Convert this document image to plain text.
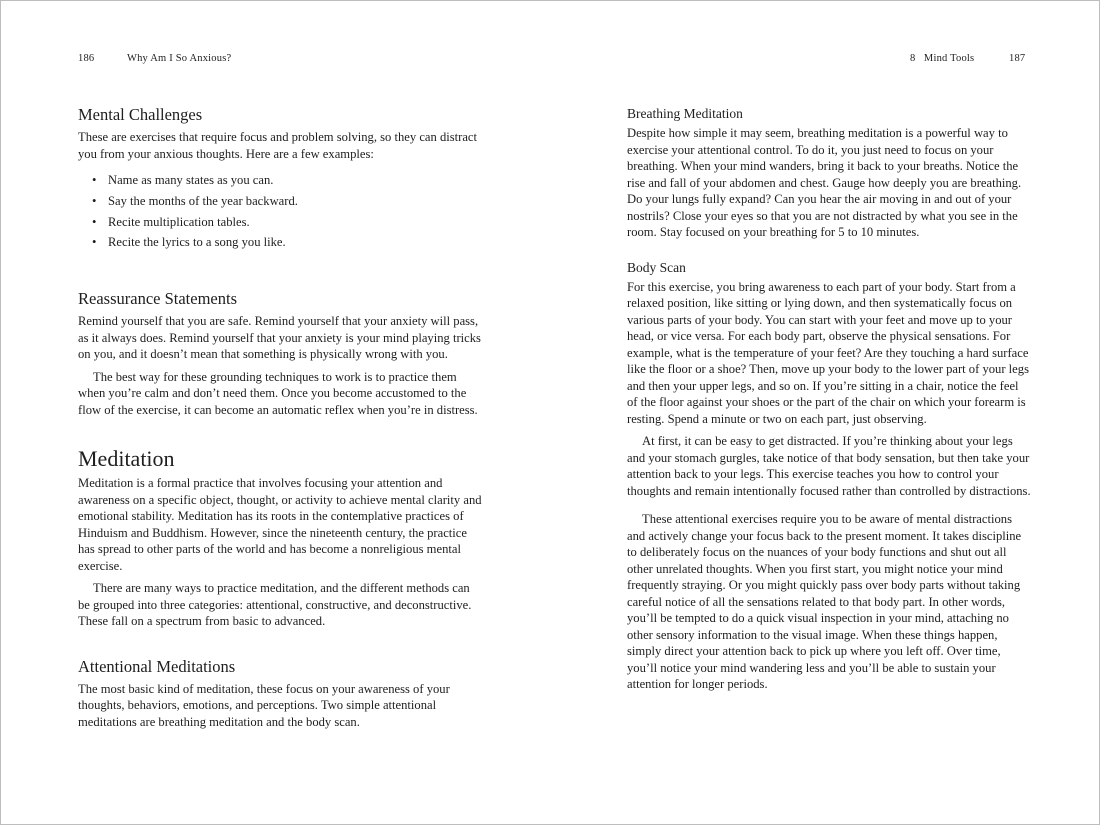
186	Why Am I So Anxious?
Mental Challenges

These are exercises that require focus and problem solving, so they can distract you from your anxious thoughts. Here are a few examples:

• Name as many states as you can.
• Say the months of the year backward.
• Recite multiplication tables.
• Recite the lyrics to a song you like.
Reassurance Statements

Remind yourself that you are safe. Remind yourself that your anxiety will pass, as it always does. Remind yourself that your anxiety is your mind playing tricks on you, and it doesn’t mean that something is physically wrong with you.

The best way for these grounding techniques to work is to practice them when you’re calm and don’t need them. Once you become accustomed to the flow of the exercise, it can become an automatic reflex when you’re in distress.

Meditation

Meditation is a formal practice that involves focusing your attention and awareness on a specific object, thought, or activity to achieve mental clarity and emotional stability. Meditation has its roots in the contemplative practices of Hinduism and Buddhism. However, since the nineteenth century, the practice has spread to other parts of the world and has become a nonreligious mental exercise.

There are many ways to practice meditation, and the different methods can be grouped into three categories: attentional, constructive, and deconstructive. These fall on a spectrum from basic to advanced.

Attentional Meditations

The most basic kind of meditation, these focus on your awareness of your thoughts, behaviors, emotions, and perceptions. Two simple attentional meditations are breathing meditation and the body scan.

8   Mind Tools	187
Breathing Meditation

Despite how simple it may seem, breathing meditation is a powerful way to exercise your attentional control. To do it, you just need to focus on your breathing. When your mind wanders, bring it back to your breaths. Notice the rise and fall of your abdomen and chest. Gauge how deeply you are breathing. Do your lungs fully expand? Can you hear the air moving in and out of your nostrils? Close your eyes so that you are not distracted by what you see in the room. Stay focused on your breathing for 5 to 10 minutes.

Body Scan

For this exercise, you bring awareness to each part of your body. Start from a relaxed position, like sitting or lying down, and then systematically focus on various parts of your body. You can start with your feet and move up to your head, or vice versa. For each body part, observe the physical sensations. For example, what is the temperature of your feet? Are they touching a hard surface like the floor or a shoe? Then, move up your body to the lower part of your legs and then your upper legs, and so on. If you’re sitting in a chair, notice the feel of the floor against your shoes or the part of the chair on which your forearm is resting. Spend a minute or two on each part, just observing.

At first, it can be easy to get distracted. If you’re thinking about your legs and your stomach gurgles, take notice of that body sensation, but then take your attention back to your legs. This exercise teaches you how to control your thoughts and remain intentionally focused rather than controlled by distractions.

These attentional exercises require you to be aware of mental distractions and actively change your focus back to the present moment. It takes discipline to deliberately focus on the nuances of your body functions and shut out all other unrelated thoughts. When you first start, you might notice your mind frequently straying. Or you might quickly pass over body parts without taking careful notice of all the sensations related to that body part. In other words, you’ll be tempted to do a quick visual inspection in your mind, attaching no other sensory information to the visual image. When these things happen, simply direct your attention back to pick up where you left off. Over time, you’ll notice your mind wandering less and you’ll be able to sustain your attention for longer periods.
